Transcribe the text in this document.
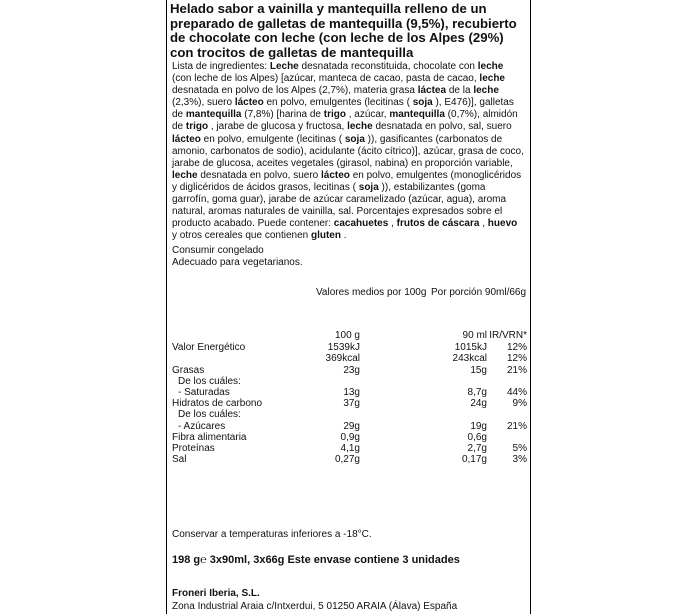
Helado sabor a vainilla y mantequilla relleno de un preparado de galletas de mantequilla (9,5%), recubierto de chocolate con leche (con leche de los Alpes (29%) con trocitos de galletas de mantequilla
Lista de ingredientes: Leche desnatada reconstituida, chocolate con leche (con leche de los Alpes) [azúcar, manteca de cacao, pasta de cacao, leche desnatada en polvo de los Alpes (2,7%), materia grasa láctea de la leche (2,3%), suero lácteo en polvo, emulgentes (lecitinas ( soja ), E476)], galletas de mantequilla (7,8%) [harina de trigo , azúcar, mantequilla (0,7%), almidón de trigo , jarabe de glucosa y fructosa, leche desnatada en polvo, sal, suero lácteo en polvo, emulgente (lecitinas ( soja )), gasificantes (carbonatos de amonio, carbonatos de sodio), acidulante (ácito cítrico)], azúcar, grasa de coco, jarabe de glucosa, aceites vegetales (girasol, nabina) en proporción variable, leche desnatada en polvo, suero lácteo en polvo, emulgentes (monoglicéridos y diglicéridos de ácidos grasos, lecitinas ( soja )), estabilizantes (goma garrofín, goma guar), jarabe de azúcar caramelizado (azúcar, agua), aroma natural, aromas naturales de vainilla, sal. Porcentajes expresados sobre el producto acabado. Puede contener: cacahuetes , frutos de cáscara , huevo y otros cereales que contienen gluten .
Consumir congelado
Adecuado para vegetarianos.
Valores medios por 100g Por porción 90ml/66g
100 g	90 ml IR/VRN*
Valor Energético	1539kJ	1015kJ 12%
369kcal	243kcal 12%
Grasas	23g	15g 21%
De los cuáles:
- Saturadas	13g	8,7g 44%
Hidratos de carbono	37g	24g	9%
De los cuáles:
- Azúcares	29g	19g 21%
Fibra alimentaria	0,9g	0,6g
Proteínas	4,1g	2,7g	5%
Sal	0,27g	0,17g	3%
Conservar a temperaturas inferiores a -18°C.
198 g℮ 3x90ml, 3x66g Este envase contiene 3 unidades
Froneri Iberia, S.L.
Zona Industrial Araia c/Intxerdui, 5 01250 ARAIA (Álava) España
